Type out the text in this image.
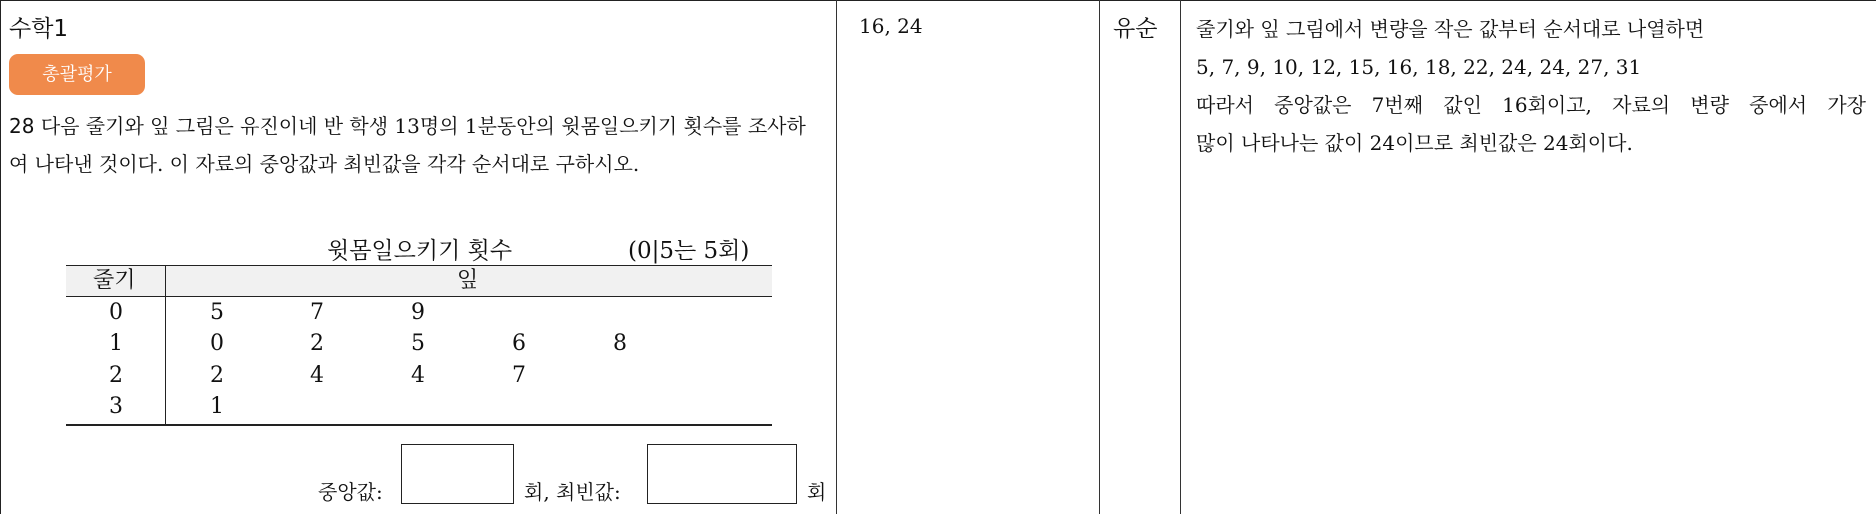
수학1
총괄평가
28 다음 줄기와 잎 그림은 유진이네 반 학생 13명의 1분동안의 윗몸일으키기 횟수를 조사하여 나타낸 것이다. 이 자료의 중앙값과 최빈값을 각각 순서대로 구하시오.
윗몸일으키기 횟수	(0|5는 5회)
줄기	잎
0	5	7	9
1	0	2	5	6	8
2	2	4	4	7
3	1
중앙값:	회, 최빈값:	회
16, 24	유순 줄기와 잎 그림에서 변량을 작은 값부터 순서대로 나열하면
5, 7, 9, 10, 12, 15, 16, 18, 22, 24, 24, 27, 31
따라서 중앙값은 7번째 값인 16회이고, 자료의 변량 중에서 가장
많이 나타나는 값이 24이므로 최빈값은 24회이다.
